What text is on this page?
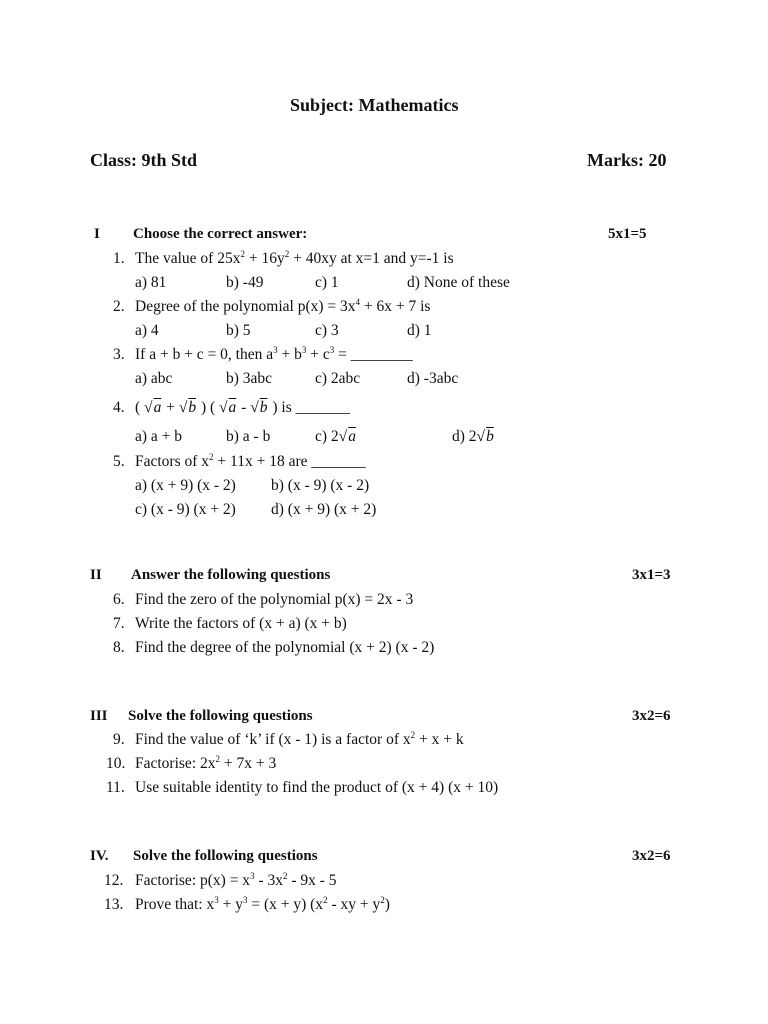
Subject: Mathematics
Class: 9th Std	Marks: 20
I Choose the correct answer:	5x1=5
1. The value of $25x^2 + 16y^2 + 40xy$ at x=1 and y=-1 is
a) 81	b) -49	c) 1	d) None of these
2. Degree of the polynomial $p(x) = 3x^4 + 6x + 7$ is
a) 4	b) 5	c) 3	d) 1
3. If a + b + c = 0, then $a^3 + b^3 + c^3$ = ________
a) abc	b) 3abc	c) 2abc	d) -3abc
4. ( √a + √b ) ( √a - √b ) is _______
a) a + b	b) a - b	c) 2√a	d) 2√b
5. Factors of $x^2 + 11x + 18$ are _______
a) (x + 9) (x - 2) b) (x - 9) (x - 2)
c) (x - 9) (x + 2) d) (x + 9) (x + 2)
II Answer the following questions	3x1=3
6. Find the zero of the polynomial p(x) = 2x - 3
7. Write the factors of (x + a) (x + b)
8. Find the degree of the polynomial (x + 2) (x - 2)
III Solve the following questions	3x2=6
9. Find the value of ‘k’ if (x - 1) is a factor of $x^2 + x + k$
10. Factorise: $2x^2 + 7x + 3$
11. Use suitable identity to find the product of (x + 4) (x + 10)
IV. Solve the following questions	3x2=6
12. Factorise: $p(x) = x^3 - 3x^2 - 9x - 5$
13. Prove that: $x^3 + y^3 = (x + y)$ ($x^2$ - xy + $y^2$)
